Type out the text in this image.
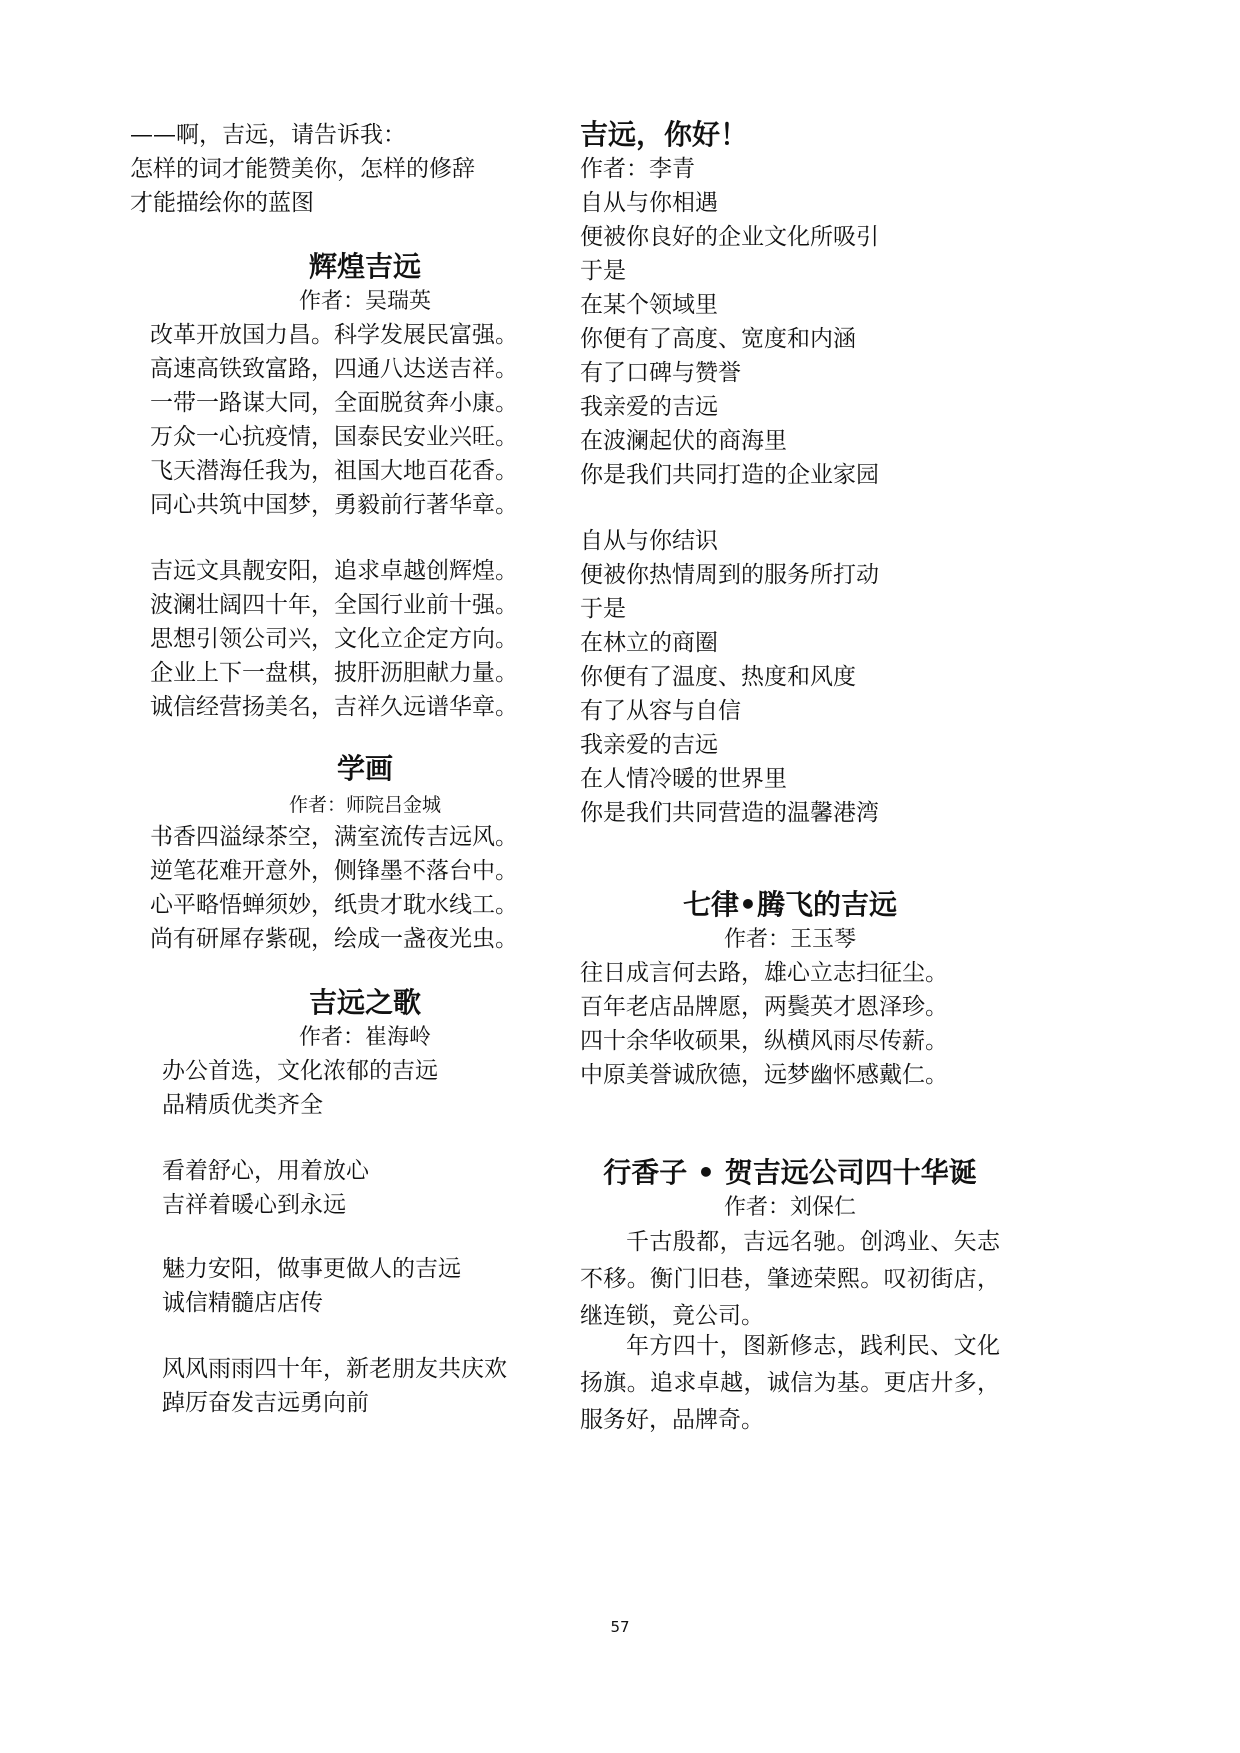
——啊，吉远，请告诉我：
怎样的词才能赞美你，怎样的修辞
才能描绘你的蓝图
辉煌吉远
作者：吴瑞英
改革开放国力昌。科学发展民富强。
高速高铁致富路，四通八达送吉祥。
一带一路谋大同，全面脱贫奔小康。
万众一心抗疫情，国泰民安业兴旺。
飞天潜海任我为，祖国大地百花香。
同心共筑中国梦，勇毅前行著华章。
吉远文具靓安阳，追求卓越创辉煌。
波澜壮阔四十年，全国行业前十强。
思想引领公司兴，文化立企定方向。
企业上下一盘棋，披肝沥胆献力量。
诚信经营扬美名，吉祥久远谱华章。
学画
作者：师院吕金城
书香四溢绿茶空，满室流传吉远风。
逆笔花难开意外，侧锋墨不落台中。
心平略悟蝉须妙，纸贵才耽水线工。
尚有研犀存紫砚，绘成一盏夜光虫。
吉远之歌
作者：崔海岭
办公首选，文化浓郁的吉远
品精质优类齐全
看着舒心，用着放心
吉祥着暖心到永远
魅力安阳，做事更做人的吉远
诚信精髓店店传
风风雨雨四十年，新老朋友共庆欢
踔厉奋发吉远勇向前
吉远，你好！
作者：李青
自从与你相遇
便被你良好的企业文化所吸引
于是
在某个领域里
你便有了高度、宽度和内涵
有了口碑与赞誉
我亲爱的吉远
在波澜起伏的商海里
你是我们共同打造的企业家园
自从与你结识
便被你热情周到的服务所打动
于是
在林立的商圈
你便有了温度、热度和风度
有了从容与自信
我亲爱的吉远
在人情冷暖的世界里
你是我们共同营造的温馨港湾
七律•腾飞的吉远
作者：王玉琴
往日成言何去路，雄心立志扫征尘。
百年老店品牌愿，两鬓英才恩泽珍。
四十余华收硕果，纵横风雨尽传薪。
中原美誉诚欣德，远梦幽怀感戴仁。
行香子 • 贺吉远公司四十华诞
作者：刘保仁

千古殷都，吉远名驰。创鸿业、矢志不移。衡门旧巷，肇迹荣熙。叹初街店，继连锁，竟公司。

年方四十，图新修志，践利民、文化扬旗。追求卓越，诚信为基。更店廾多，服务好，品牌奇。

57
